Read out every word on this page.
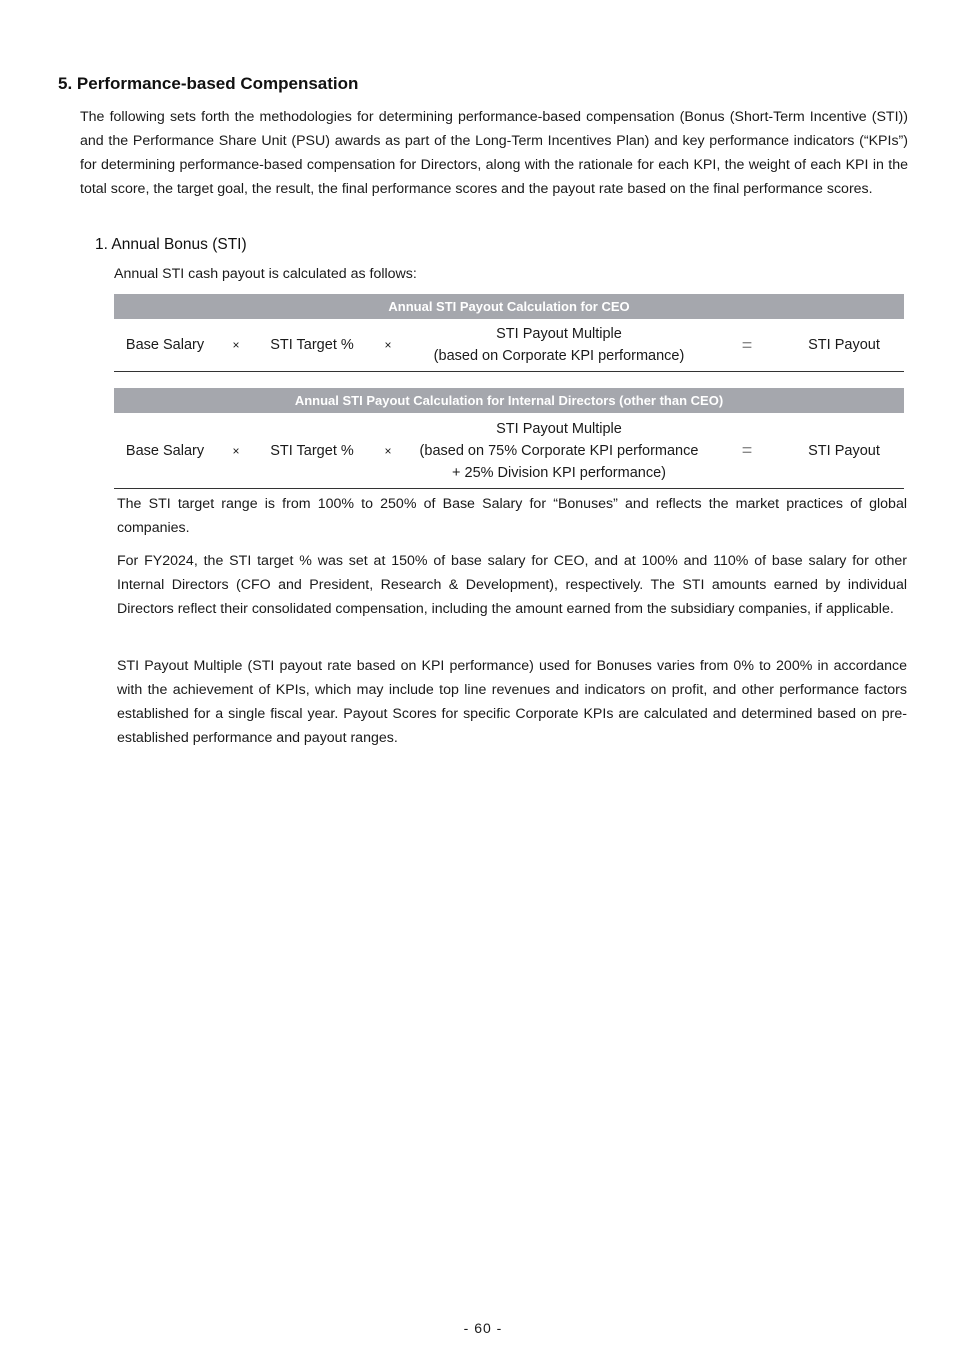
5. Performance-based Compensation

The following sets forth the methodologies for determining performance-based compensation (Bonus (Short-Term Incentive (STI)) and the Performance Share Unit (PSU) awards as part of the Long-Term Incentives Plan) and key performance indicators (“KPIs”) for determining performance-based compensation for Directors, along with the rationale for each KPI, the weight of each KPI in the total score, the target goal, the result, the final performance scores and the payout rate based on the final performance scores.

1. Annual Bonus (STI)
Annual STI cash payout is calculated as follows:
Annual STI Payout Calculation for CEO
Base Salary	×	STI Target %	×
STI Payout Multiple
(based on Corporate KPI performance)
=	STI Payout
Annual STI Payout Calculation for Internal Directors (other than CEO)
Base Salary	×	STI Target %	×
STI Payout Multiple
(based on 75% Corporate KPI performance
+ 25% Division KPI performance)
=	STI Payout

The STI target range is from 100% to 250% of Base Salary for “Bonuses” and reflects the market practices of global companies.

For FY2024, the STI target % was set at 150% of base salary for CEO, and at 100% and 110% of base salary for other Internal Directors (CFO and President, Research & Development), respectively. The STI amounts earned by individual Directors reflect their consolidated compensation, including the amount earned from the subsidiary companies, if applicable.

STI Payout Multiple (STI payout rate based on KPI performance) used for Bonuses varies from 0% to 200% in accordance with the achievement of KPIs, which may include top line revenues and indicators on profit, and other performance factors established for a single fiscal year. Payout Scores for specific Corporate KPIs are calculated and determined based on pre-established performance and payout ranges.

- 60 -
